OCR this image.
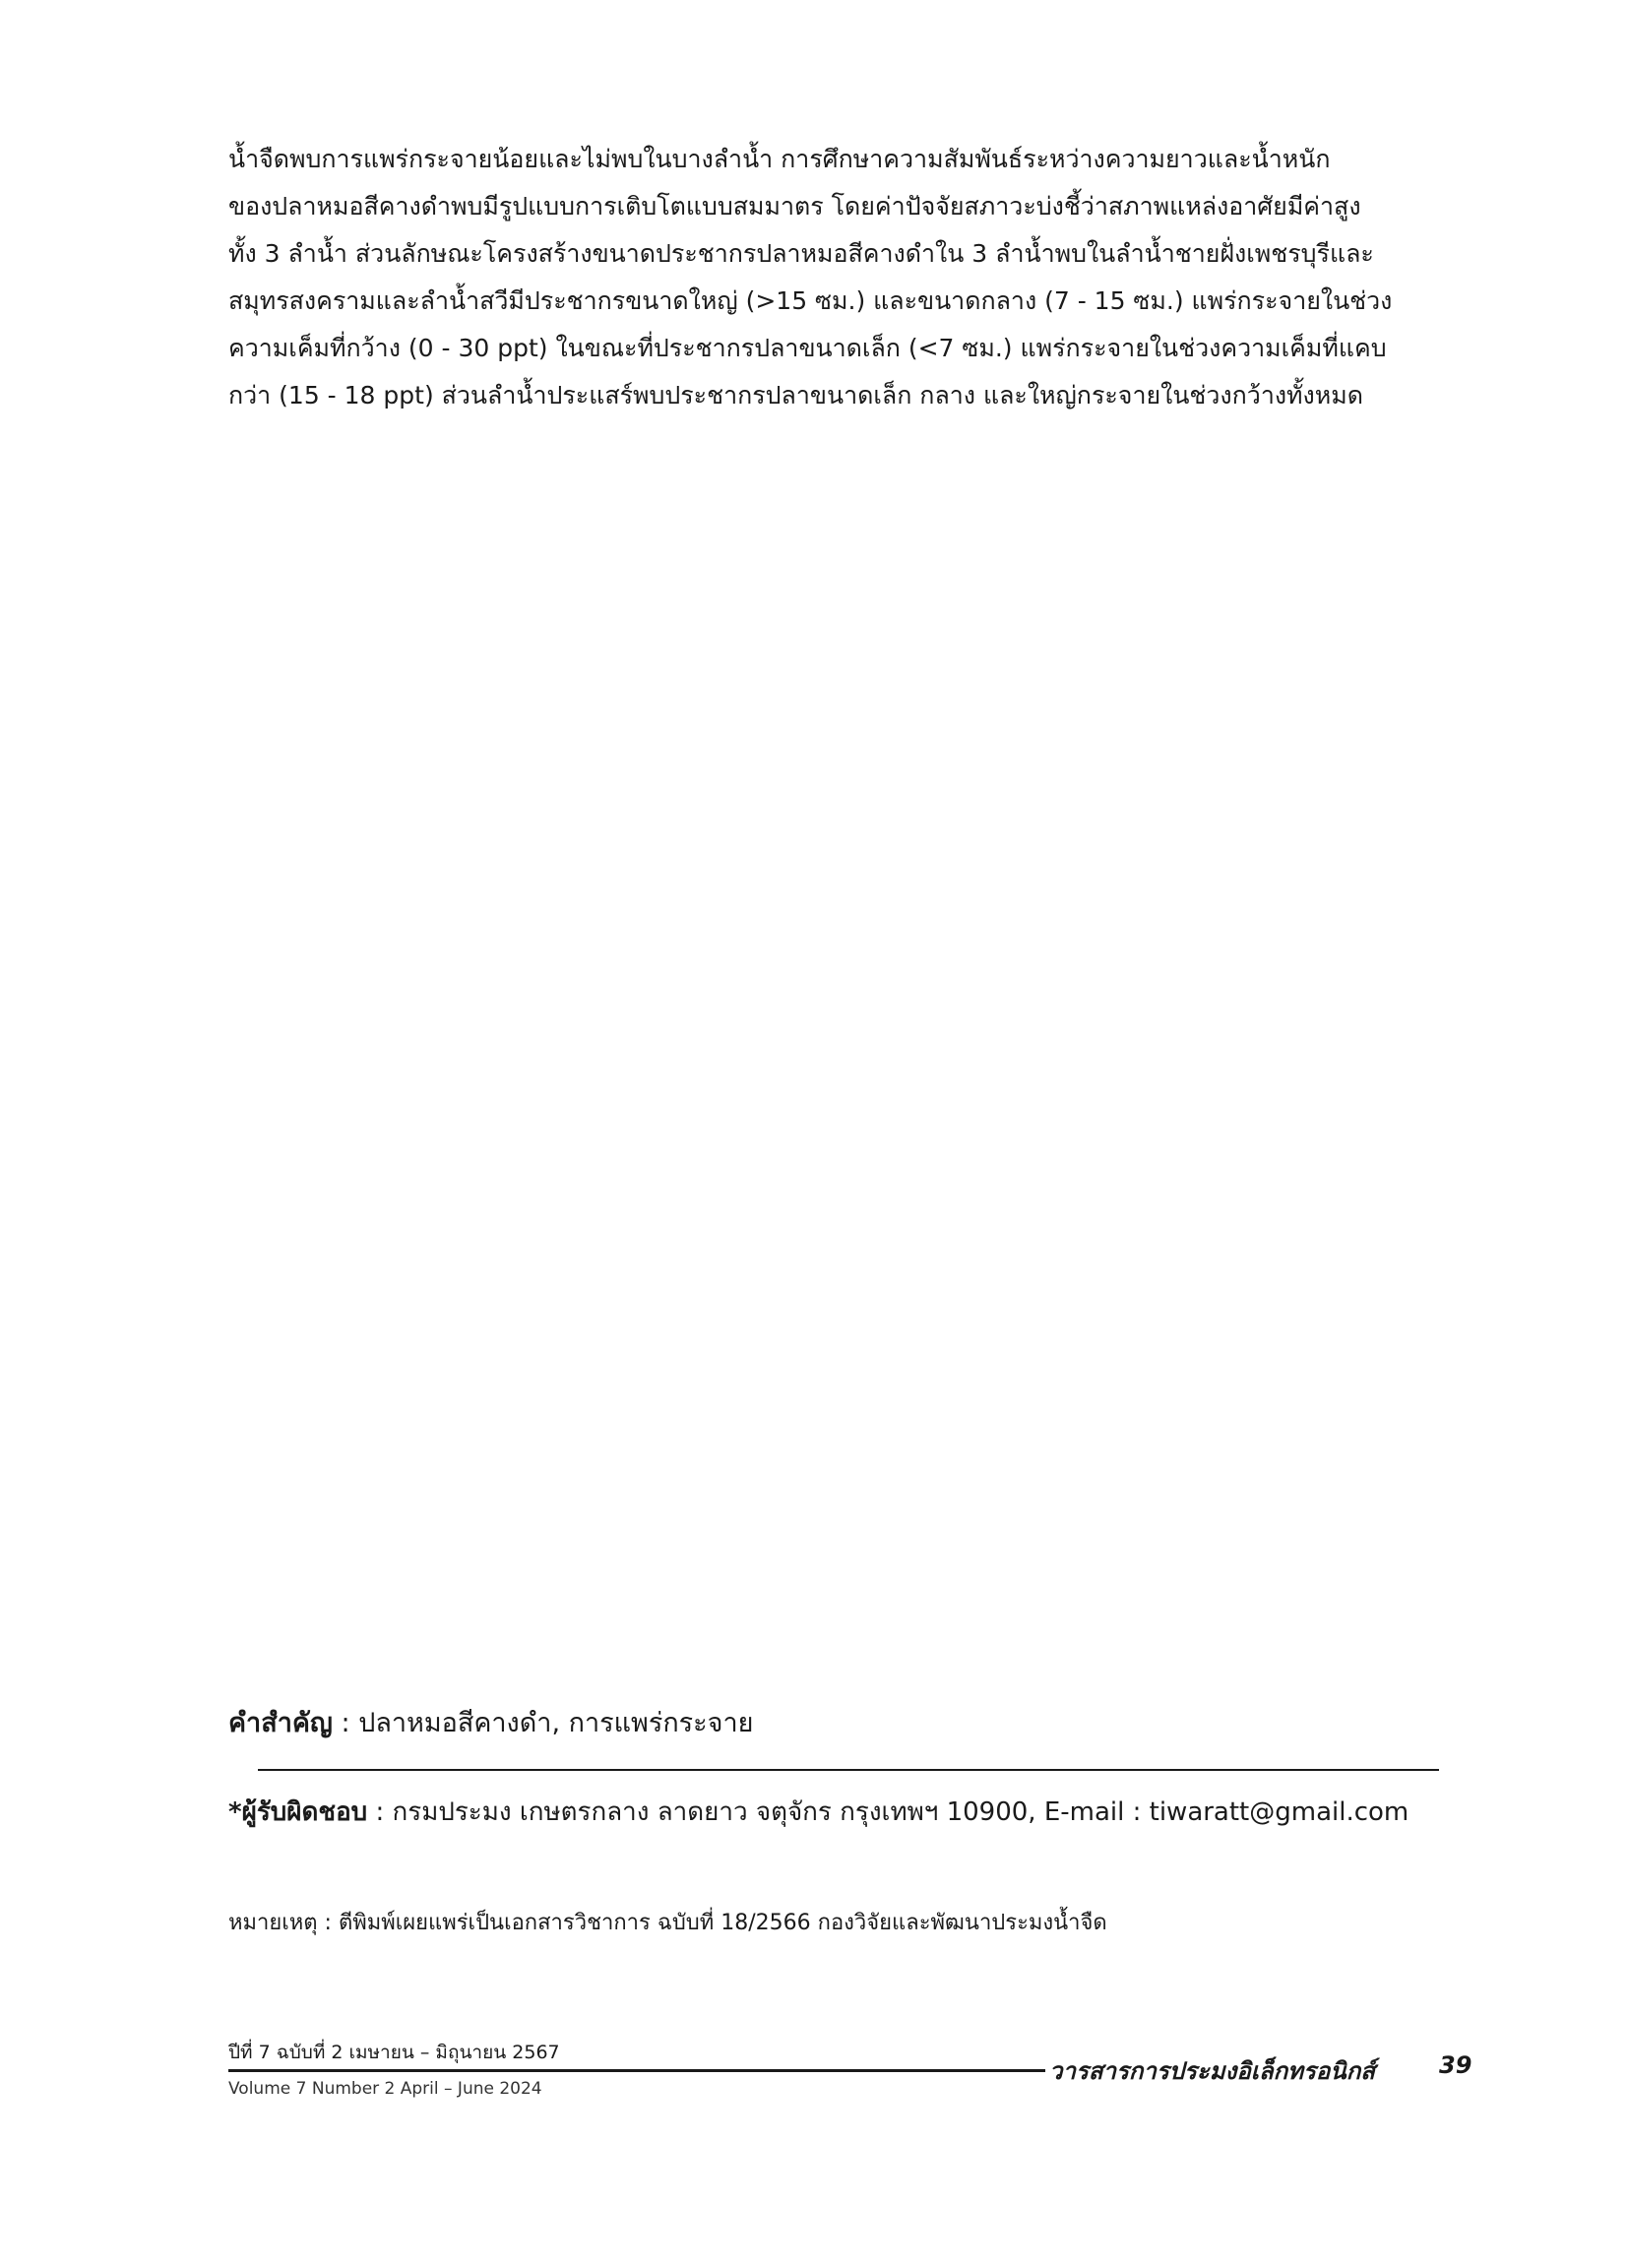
น้ำจืดพบการแพร่กระจายน้อยและไม่พบในบางลำน้ำ การศึกษาความสัมพันธ์ระหว่างความยาวและน้ำหนัก
ของปลาหมอสีคางดำพบมีรูปแบบการเติบโตแบบสมมาตร โดยค่าปัจจัยสภาวะบ่งชี้ว่าสภาพแหล่งอาศัยมีค่าสูง
ทั้ง 3 ลำน้ำ ส่วนลักษณะโครงสร้างขนาดประชากรปลาหมอสีคางดำใน 3 ลำน้ำพบในลำน้ำชายฝั่งเพชรบุรีและ
สมุทรสงครามและลำน้ำสวีมีประชากรขนาดใหญ่ (>15 ซม.) และขนาดกลาง (7 - 15 ซม.) แพร่กระจายในช่วง
ความเค็มที่กว้าง (0 - 30 ppt) ในขณะที่ประชากรปลาขนาดเล็ก (<7 ซม.) แพร่กระจายในช่วงความเค็มที่แคบ
กว่า (15 - 18 ppt) ส่วนลำน้ำประแสร์พบประชากรปลาขนาดเล็ก กลาง และใหญ่กระจายในช่วงกว้างทั้งหมด
คำสำคัญ : ปลาหมอสีคางดำ, การแพร่กระจาย
*ผู้รับผิดชอบ : กรมประมง เกษตรกลาง ลาดยาว จตุจักร กรุงเทพฯ 10900, E-mail : tiwaratt@gmail.com
หมายเหตุ : ตีพิมพ์เผยแพร่เป็นเอกสารวิชาการ ฉบับที่ 18/2566 กองวิจัยและพัฒนาประมงน้ำจืด
ปีที่ 7 ฉบับที่ 2 เมษายน – มิถุนายน 2567
วารสารการประมงอิเล็กทรอนิกส์	39
Volume 7 Number 2 April – June 2024
